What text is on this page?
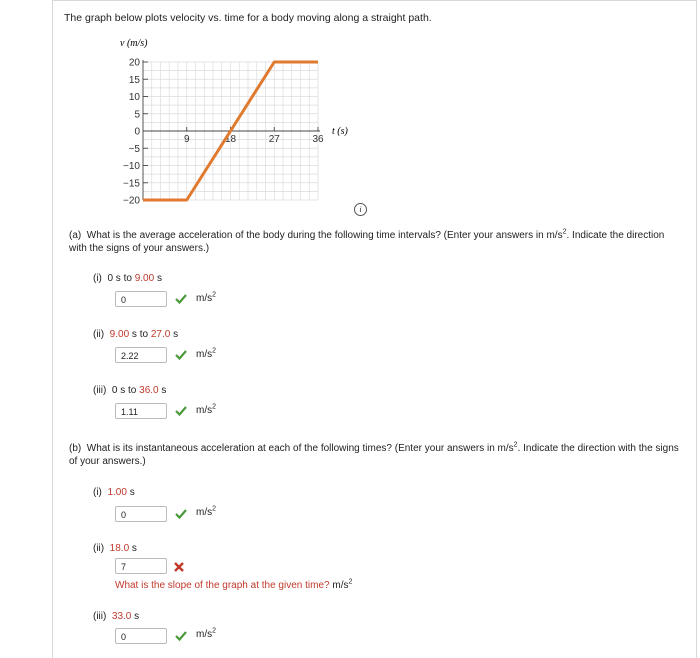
The graph below plots velocity vs. time for a body moving along a straight path.
v (m/s)
t (s)
20
15
10
5
0
−5
−10
−15
−20
9	18	27	36
i
(a) What is the average acceleration of the body during the following time intervals? (Enter your answers in $m/s^2$. Indicate the direction with the signs of your answers.)
(i) 0 s to 9.00 s
0	$m/s^2$
(ii) 9.00 s to 27.0 s
2.22	$m/s^2$
(iii) 0 s to 36.0 s
1.11	$m/s^2$
(b) What is its instantaneous acceleration at each of the following times? (Enter your answers in $m/s^2$. Indicate the direction with the signs of your answers.)
(i) 1.00 s
0	$m/s^2$
(ii) 18.0 s
7
What is the slope of the graph at the given time? $m/s^2$
(iii) 33.0 s
0	$m/s^2$
